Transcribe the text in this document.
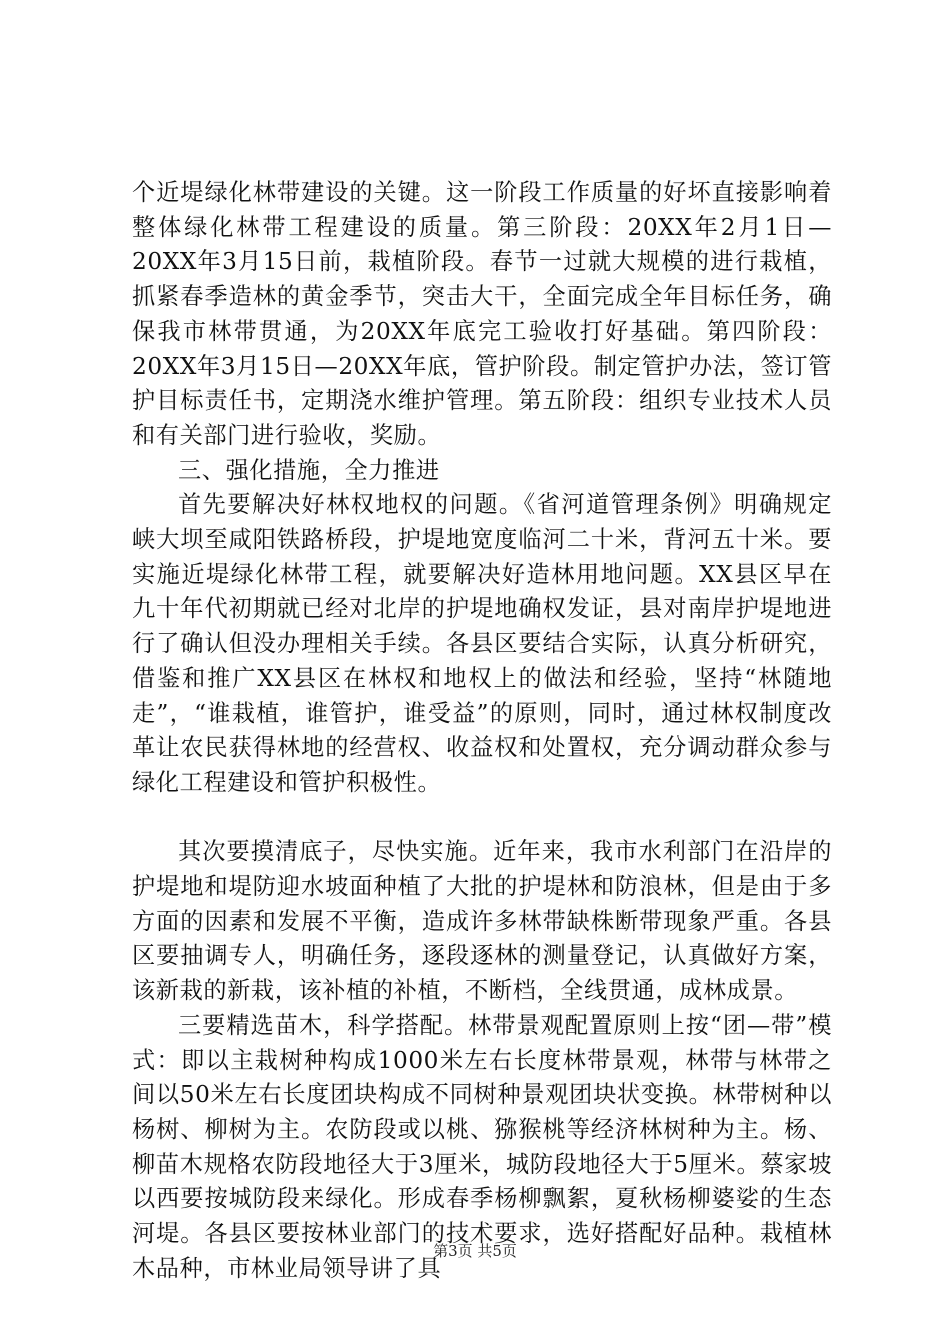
个近堤绿化林带建设的关键。这一阶段工作质量的好坏直接影响着整体绿化林带工程建设的质量。第三阶段：20XX年2月1日—20XX年3月15日前，栽植阶段。春节一过就大规模的进行栽植，抓紧春季造林的黄金季节，突击大干，全面完成全年目标任务，确保我市林带贯通，为20XX年底完工验收打好基础。第四阶段：20XX年3月15日—20XX年底，管护阶段。制定管护办法，签订管护目标责任书，定期浇水维护管理。第五阶段：组织专业技术人员和有关部门进行验收，奖励。

三、强化措施，全力推进

首先要解决好林权地权的问题。《省河道管理条例》明确规定峡大坝至咸阳铁路桥段，护堤地宽度临河二十米，背河五十米。要实施近堤绿化林带工程，就要解决好造林用地问题。XX县区早在九十年代初期就已经对北岸的护堤地确权发证，县对南岸护堤地进行了确认但没办理相关手续。各县区要结合实际，认真分析研究，借鉴和推广XX县区在林权和地权上的做法和经验，坚持“林随地走”，“谁栽植，谁管护，谁受益”的原则，同时，通过林权制度改革让农民获得林地的经营权、收益权和处置权，充分调动群众参与绿化工程建设和管护积极性。

其次要摸清底子，尽快实施。近年来，我市水利部门在沿岸的护堤地和堤防迎水坡面种植了大批的护堤林和防浪林，但是由于多方面的因素和发展不平衡，造成许多林带缺株断带现象严重。各县区要抽调专人，明确任务，逐段逐林的测量登记，认真做好方案，该新栽的新栽，该补植的补植，不断档，全线贯通，成林成景。

三要精选苗木，科学搭配。林带景观配置原则上按“团—带”模式：即以主栽树种构成1000米左右长度林带景观，林带与林带之间以50米左右长度团块构成不同树种景观团块状变换。林带树种以杨树、柳树为主。农防段或以桃、猕猴桃等经济林树种为主。杨、柳苗木规格农防段地径大于3厘米，城防段地径大于5厘米。蔡家坡以西要按城防段来绿化。形成春季杨柳飘絮，夏秋杨柳婆娑的生态河堤。各县区要按林业部门的技术要求，选好搭配好品种。栽植林木品种，市林业局领导讲了具

第3页 共5页
